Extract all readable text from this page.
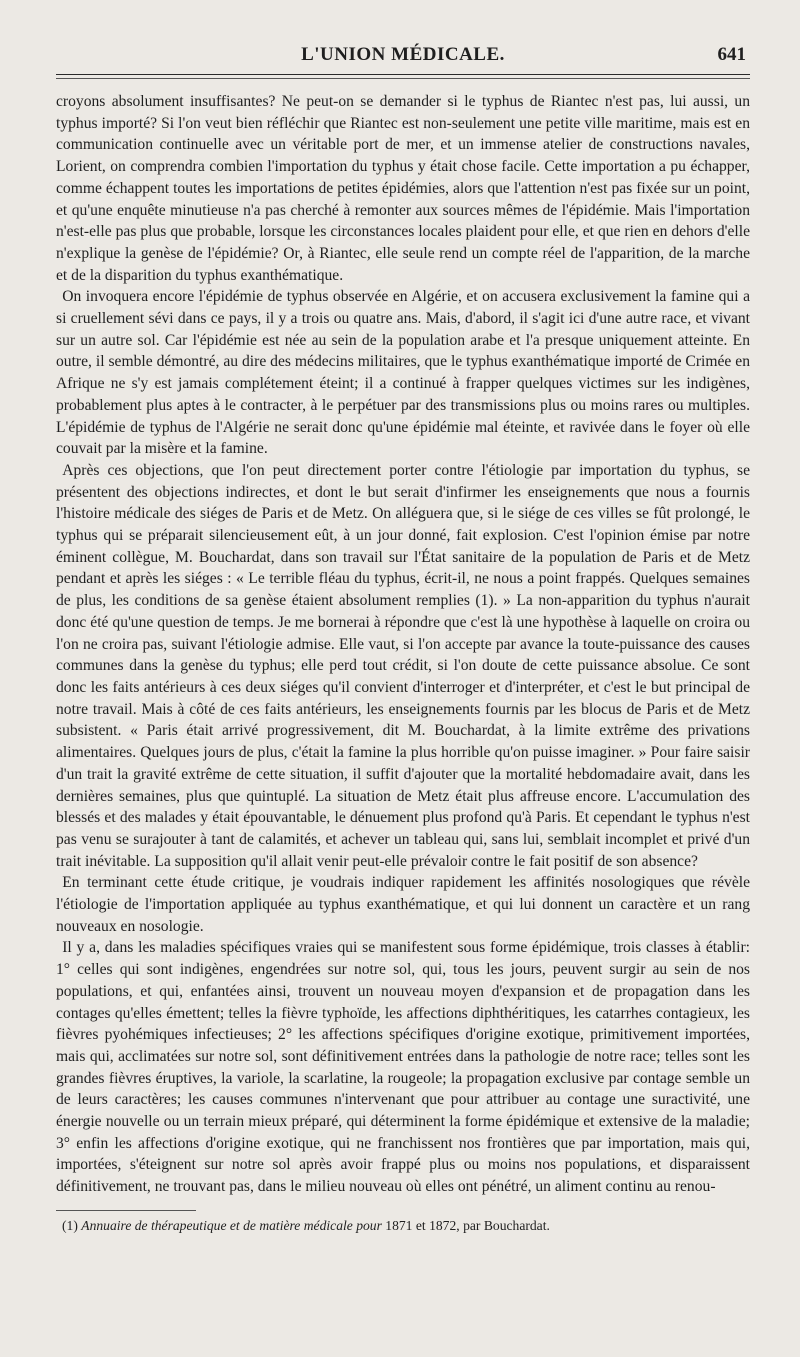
L'UNION MÉDICALE.	641

croyons absolument insuffisantes? Ne peut-on se demander si le typhus de Riantec n'est pas, lui aussi, un typhus importé? Si l'on veut bien réfléchir que Riantec est non-seulement une petite ville maritime, mais est en communication continuelle avec un véritable port de mer, et un immense atelier de constructions navales, Lorient, on comprendra combien l'importation du typhus y était chose facile. Cette importation a pu échapper, comme échappent toutes les importations de petites épidémies, alors que l'attention n'est pas fixée sur un point, et qu'une enquête minutieuse n'a pas cherché à remonter aux sources mêmes de l'épidémie. Mais l'importation n'est-elle pas plus que probable, lorsque les circonstances locales plaident pour elle, et que rien en dehors d'elle n'explique la genèse de l'épidémie? Or, à Riantec, elle seule rend un compte réel de l'apparition, de la marche et de la disparition du typhus exanthématique.

On invoquera encore l'épidémie de typhus observée en Algérie, et on accusera exclusivement la famine qui a si cruellement sévi dans ce pays, il y a trois ou quatre ans. Mais, d'abord, il s'agit ici d'une autre race, et vivant sur un autre sol. Car l'épidémie est née au sein de la population arabe et l'a presque uniquement atteinte. En outre, il semble démontré, au dire des médecins militaires, que le typhus exanthématique importé de Crimée en Afrique ne s'y est jamais complétement éteint; il a continué à frapper quelques victimes sur les indigènes, probablement plus aptes à le contracter, à le perpétuer par des transmissions plus ou moins rares ou multiples. L'épidémie de typhus de l'Algérie ne serait donc qu'une épidémie mal éteinte, et ravivée dans le foyer où elle couvait par la misère et la famine.

Après ces objections, que l'on peut directement porter contre l'étiologie par importation du typhus, se présentent des objections indirectes, et dont le but serait d'infirmer les enseignements que nous a fournis l'histoire médicale des siéges de Paris et de Metz. On alléguera que, si le siége de ces villes se fût prolongé, le typhus qui se préparait silencieusement eût, à un jour donné, fait explosion. C'est l'opinion émise par notre éminent collègue, M. Bouchardat, dans son travail sur l'État sanitaire de la population de Paris et de Metz pendant et après les siéges : « Le terrible fléau du typhus, écrit-il, ne nous a point frappés. Quelques semaines de plus, les conditions de sa genèse étaient absolument remplies (1). » La non-apparition du typhus n'aurait donc été qu'une question de temps. Je me bornerai à répondre que c'est là une hypothèse à laquelle on croira ou l'on ne croira pas, suivant l'étiologie admise. Elle vaut, si l'on accepte par avance la toute-puissance des causes communes dans la genèse du typhus; elle perd tout crédit, si l'on doute de cette puissance absolue. Ce sont donc les faits antérieurs à ces deux siéges qu'il convient d'interroger et d'interpréter, et c'est le but principal de notre travail. Mais à côté de ces faits antérieurs, les enseignements fournis par les blocus de Paris et de Metz subsistent. « Paris était arrivé progressivement, dit M. Bouchardat, à la limite extrême des privations alimentaires. Quelques jours de plus, c'était la famine la plus horrible qu'on puisse imaginer. » Pour faire saisir d'un trait la gravité extrême de cette situation, il suffit d'ajouter que la mortalité hebdomadaire avait, dans les dernières semaines, plus que quintuplé. La situation de Metz était plus affreuse encore. L'accumulation des blessés et des malades y était épouvantable, le dénuement plus profond qu'à Paris. Et cependant le typhus n'est pas venu se surajouter à tant de calamités, et achever un tableau qui, sans lui, semblait incomplet et privé d'un trait inévitable. La supposition qu'il allait venir peut-elle prévaloir contre le fait positif de son absence?

En terminant cette étude critique, je voudrais indiquer rapidement les affinités nosologiques que révèle l'étiologie de l'importation appliquée au typhus exanthématique, et qui lui donnent un caractère et un rang nouveaux en nosologie.

Il y a, dans les maladies spécifiques vraies qui se manifestent sous forme épidémique, trois classes à établir: 1° celles qui sont indigènes, engendrées sur notre sol, qui, tous les jours, peuvent surgir au sein de nos populations, et qui, enfantées ainsi, trouvent un nouveau moyen d'expansion et de propagation dans les contages qu'elles émettent; telles la fièvre typhoïde, les affections diphthéritiques, les catarrhes contagieux, les fièvres pyohémiques infectieuses; 2° les affections spécifiques d'origine exotique, primitivement importées, mais qui, acclimatées sur notre sol, sont définitivement entrées dans la pathologie de notre race; telles sont les grandes fièvres éruptives, la variole, la scarlatine, la rougeole; la propagation exclusive par contage semble un de leurs caractères; les causes communes n'intervenant que pour attribuer au contage une suractivité, une énergie nouvelle ou un terrain mieux préparé, qui déterminent la forme épidémique et extensive de la maladie; 3° enfin les affections d'origine exotique, qui ne franchissent nos frontières que par importation, mais qui, importées, s'éteignent sur notre sol après avoir frappé plus ou moins nos populations, et disparaissent définitivement, ne trouvant pas, dans le milieu nouveau où elles ont pénétré, un aliment continu au renou-

(1) Annuaire de thérapeutique et de matière médicale pour 1871 et 1872, par Bouchardat.
